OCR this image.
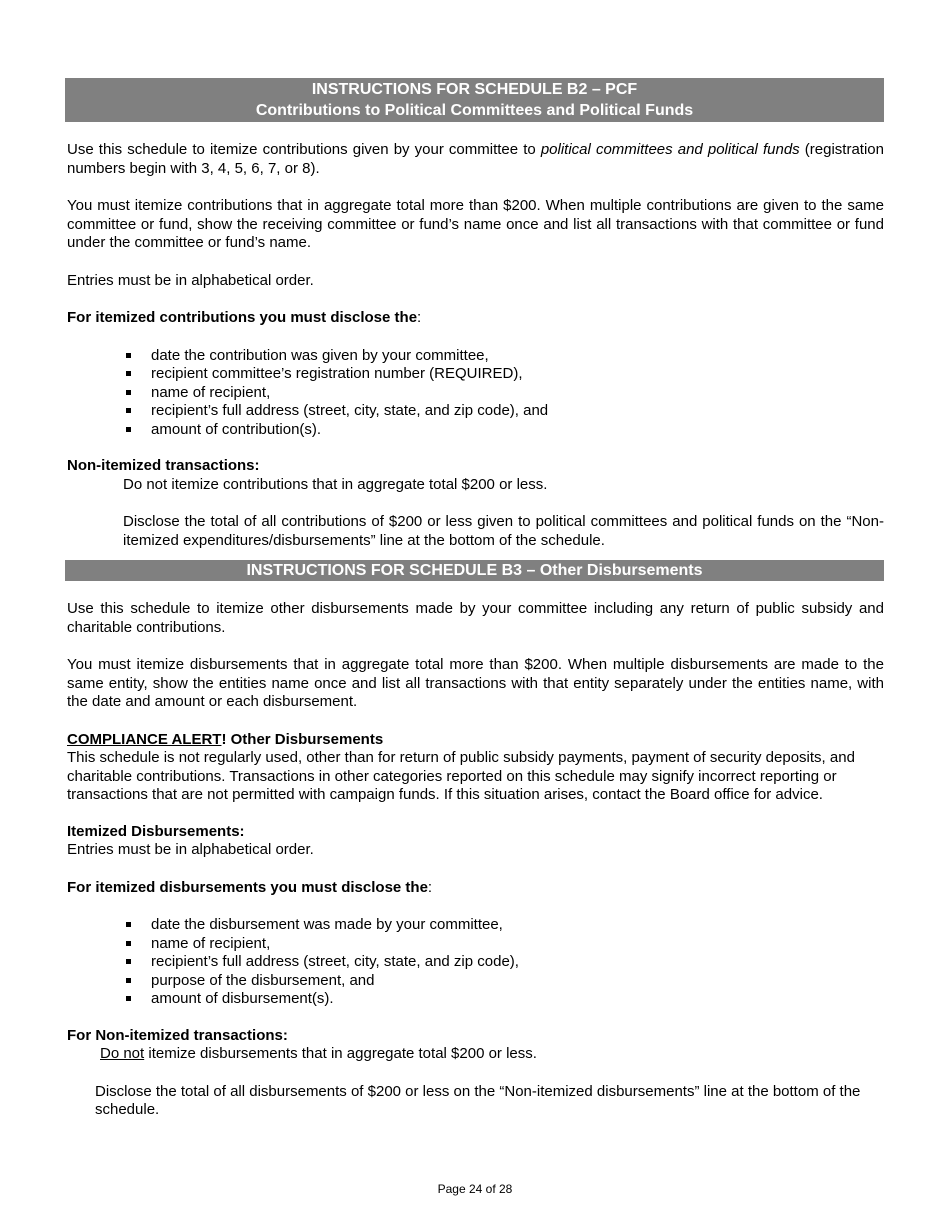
INSTRUCTIONS FOR SCHEDULE B2 – PCF
Contributions to Political Committees and Political Funds

Use this schedule to itemize contributions given by your committee to political committees and political funds (registration numbers begin with 3, 4, 5, 6, 7, or 8).

You must itemize contributions that in aggregate total more than $200. When multiple contributions are given to the same committee or fund, show the receiving committee or fund’s name once and list all transactions with that committee or fund under the committee or fund’s name.

Entries must be in alphabetical order.

For itemized contributions you must disclose the:

date the contribution was given by your committee,
recipient committee’s registration number (REQUIRED),
name of recipient,
recipient’s full address (street, city, state, and zip code), and
amount of contribution(s).

Non-itemized transactions:

Do not itemize contributions that in aggregate total $200 or less.

Disclose the total of all contributions of $200 or less given to political committees and political funds on the “Non-itemized expenditures/disbursements” line at the bottom of the schedule.

INSTRUCTIONS FOR SCHEDULE B3 – Other Disbursements

Use this schedule to itemize other disbursements made by your committee including any return of public subsidy and charitable contributions.

You must itemize disbursements that in aggregate total more than $200. When multiple disbursements are made to the same entity, show the entities name once and list all transactions with that entity separately under the entities name, with the date and amount or each disbursement.

COMPLIANCE ALERT! Other Disbursements

This schedule is not regularly used, other than for return of public subsidy payments, payment of security deposits, and charitable contributions. Transactions in other categories reported on this schedule may signify incorrect reporting or transactions that are not permitted with campaign funds. If this situation arises, contact the Board office for advice.

Itemized Disbursements:

Entries must be in alphabetical order.

For itemized disbursements you must disclose the:

date the disbursement was made by your committee,
name of recipient,
recipient’s full address (street, city, state, and zip code),
purpose of the disbursement, and
amount of disbursement(s).

For Non-itemized transactions:

Do not itemize disbursements that in aggregate total $200 or less.

Disclose the total of all disbursements of $200 or less on the “Non-itemized disbursements” line at the bottom of the schedule.

Page 24 of 28
